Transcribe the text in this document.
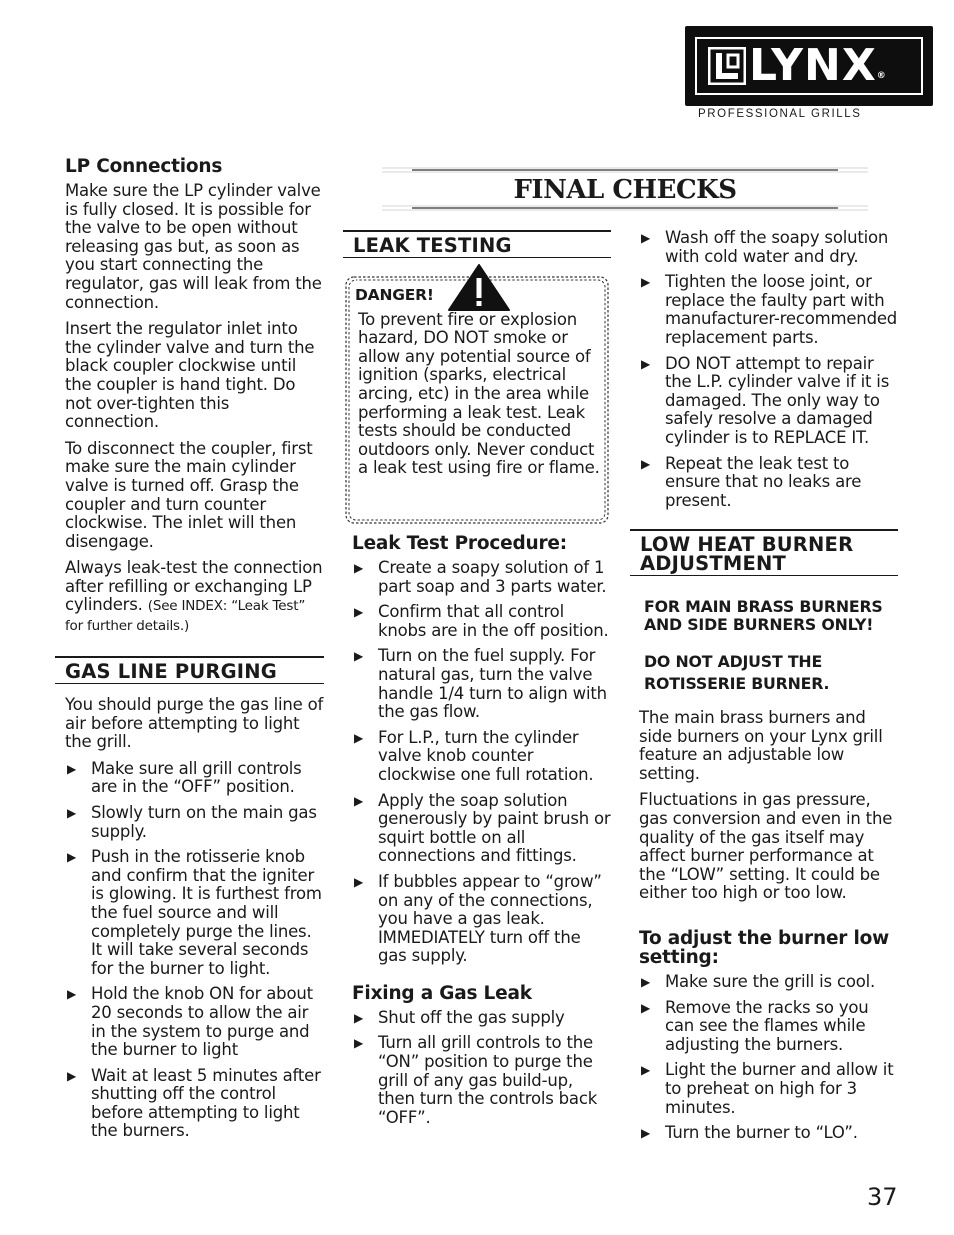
LYNX®
PROFESSIONAL GRILLS
FINAL CHECKS
LP Connections

Make sure the LP cylinder valve is fully closed. It is possible for the valve to be open without releasing gas but, as soon as you start connecting the regulator, gas will leak from the connection.

Insert the regulator inlet into the cylinder valve and turn the black coupler clockwise until the coupler is hand tight. Do not over-tighten this connection.

To disconnect the coupler, first make sure the main cylinder valve is turned off. Grasp the coupler and turn counter clockwise. The inlet will then disengage.

Always leak-test the connection after refilling or exchanging LP cylinders. (See INDEX: “Leak Test” for further details.)

GAS LINE PURGING

You should purge the gas line of air before attempting to light the grill.

▶ Make sure all grill controls are in the “OFF” position.
▶ Slowly turn on the main gas supply.
▶ Push in the rotisserie knob and confirm that the igniter is glowing. It is furthest from the fuel source and will completely purge the lines. It will take several seconds for the burner to light.
▶ Hold the knob ON for about 20 seconds to allow the air in the system to purge and the burner to light
▶ Wait at least 5 minutes after shutting off the control before attempting to light the burners.
LEAK TESTING
DANGER!

To prevent fire or explosion hazard, DO NOT smoke or allow any potential source of ignition (sparks, electrical arcing, etc) in the area while performing a leak test. Leak tests should be conducted outdoors only. Never conduct a leak test using fire or flame.

Leak Test Procedure:
▶ Create a soapy solution of 1 part soap and 3 parts water.
▶ Confirm that all control knobs are in the off position.
▶ Turn on the fuel supply. For natural gas, turn the valve handle 1/4 turn to align with the gas flow.
▶ For L.P., turn the cylinder valve knob counter clockwise one full rotation.
▶ Apply the soap solution generously by paint brush or squirt bottle on all connections and fittings.
▶ If bubbles appear to “grow” on any of the connections, you have a gas leak. IMMEDIATELY turn off the gas supply.
Fixing a Gas Leak
▶ Shut off the gas supply
▶ Turn all grill controls to the “ON” position to purge the grill of any gas build-up, then turn the controls back “OFF”.
▶ Wash off the soapy solution with cold water and dry.
▶ Tighten the loose joint, or replace the faulty part with manufacturer-recommended replacement parts.
▶ DO NOT attempt to repair the L.P. cylinder valve if it is damaged. The only way to safely resolve a damaged cylinder is to REPLACE IT.
▶ Repeat the leak test to ensure that no leaks are present.
LOW HEAT BURNER ADJUSTMENT
FOR MAIN BRASS BURNERS AND SIDE BURNERS ONLY!
DO NOT ADJUST THE ROTISSERIE BURNER.

The main brass burners and side burners on your Lynx grill feature an adjustable low setting.

Fluctuations in gas pressure, gas conversion and even in the quality of the gas itself may affect burner performance at the “LOW” setting. It could be either too high or too low.

To adjust the burner low setting:
▶ Make sure the grill is cool.
▶ Remove the racks so you can see the flames while adjusting the burners.
▶ Light the burner and allow it to preheat on high for 3 minutes.
▶ Turn the burner to “LO”.
37
